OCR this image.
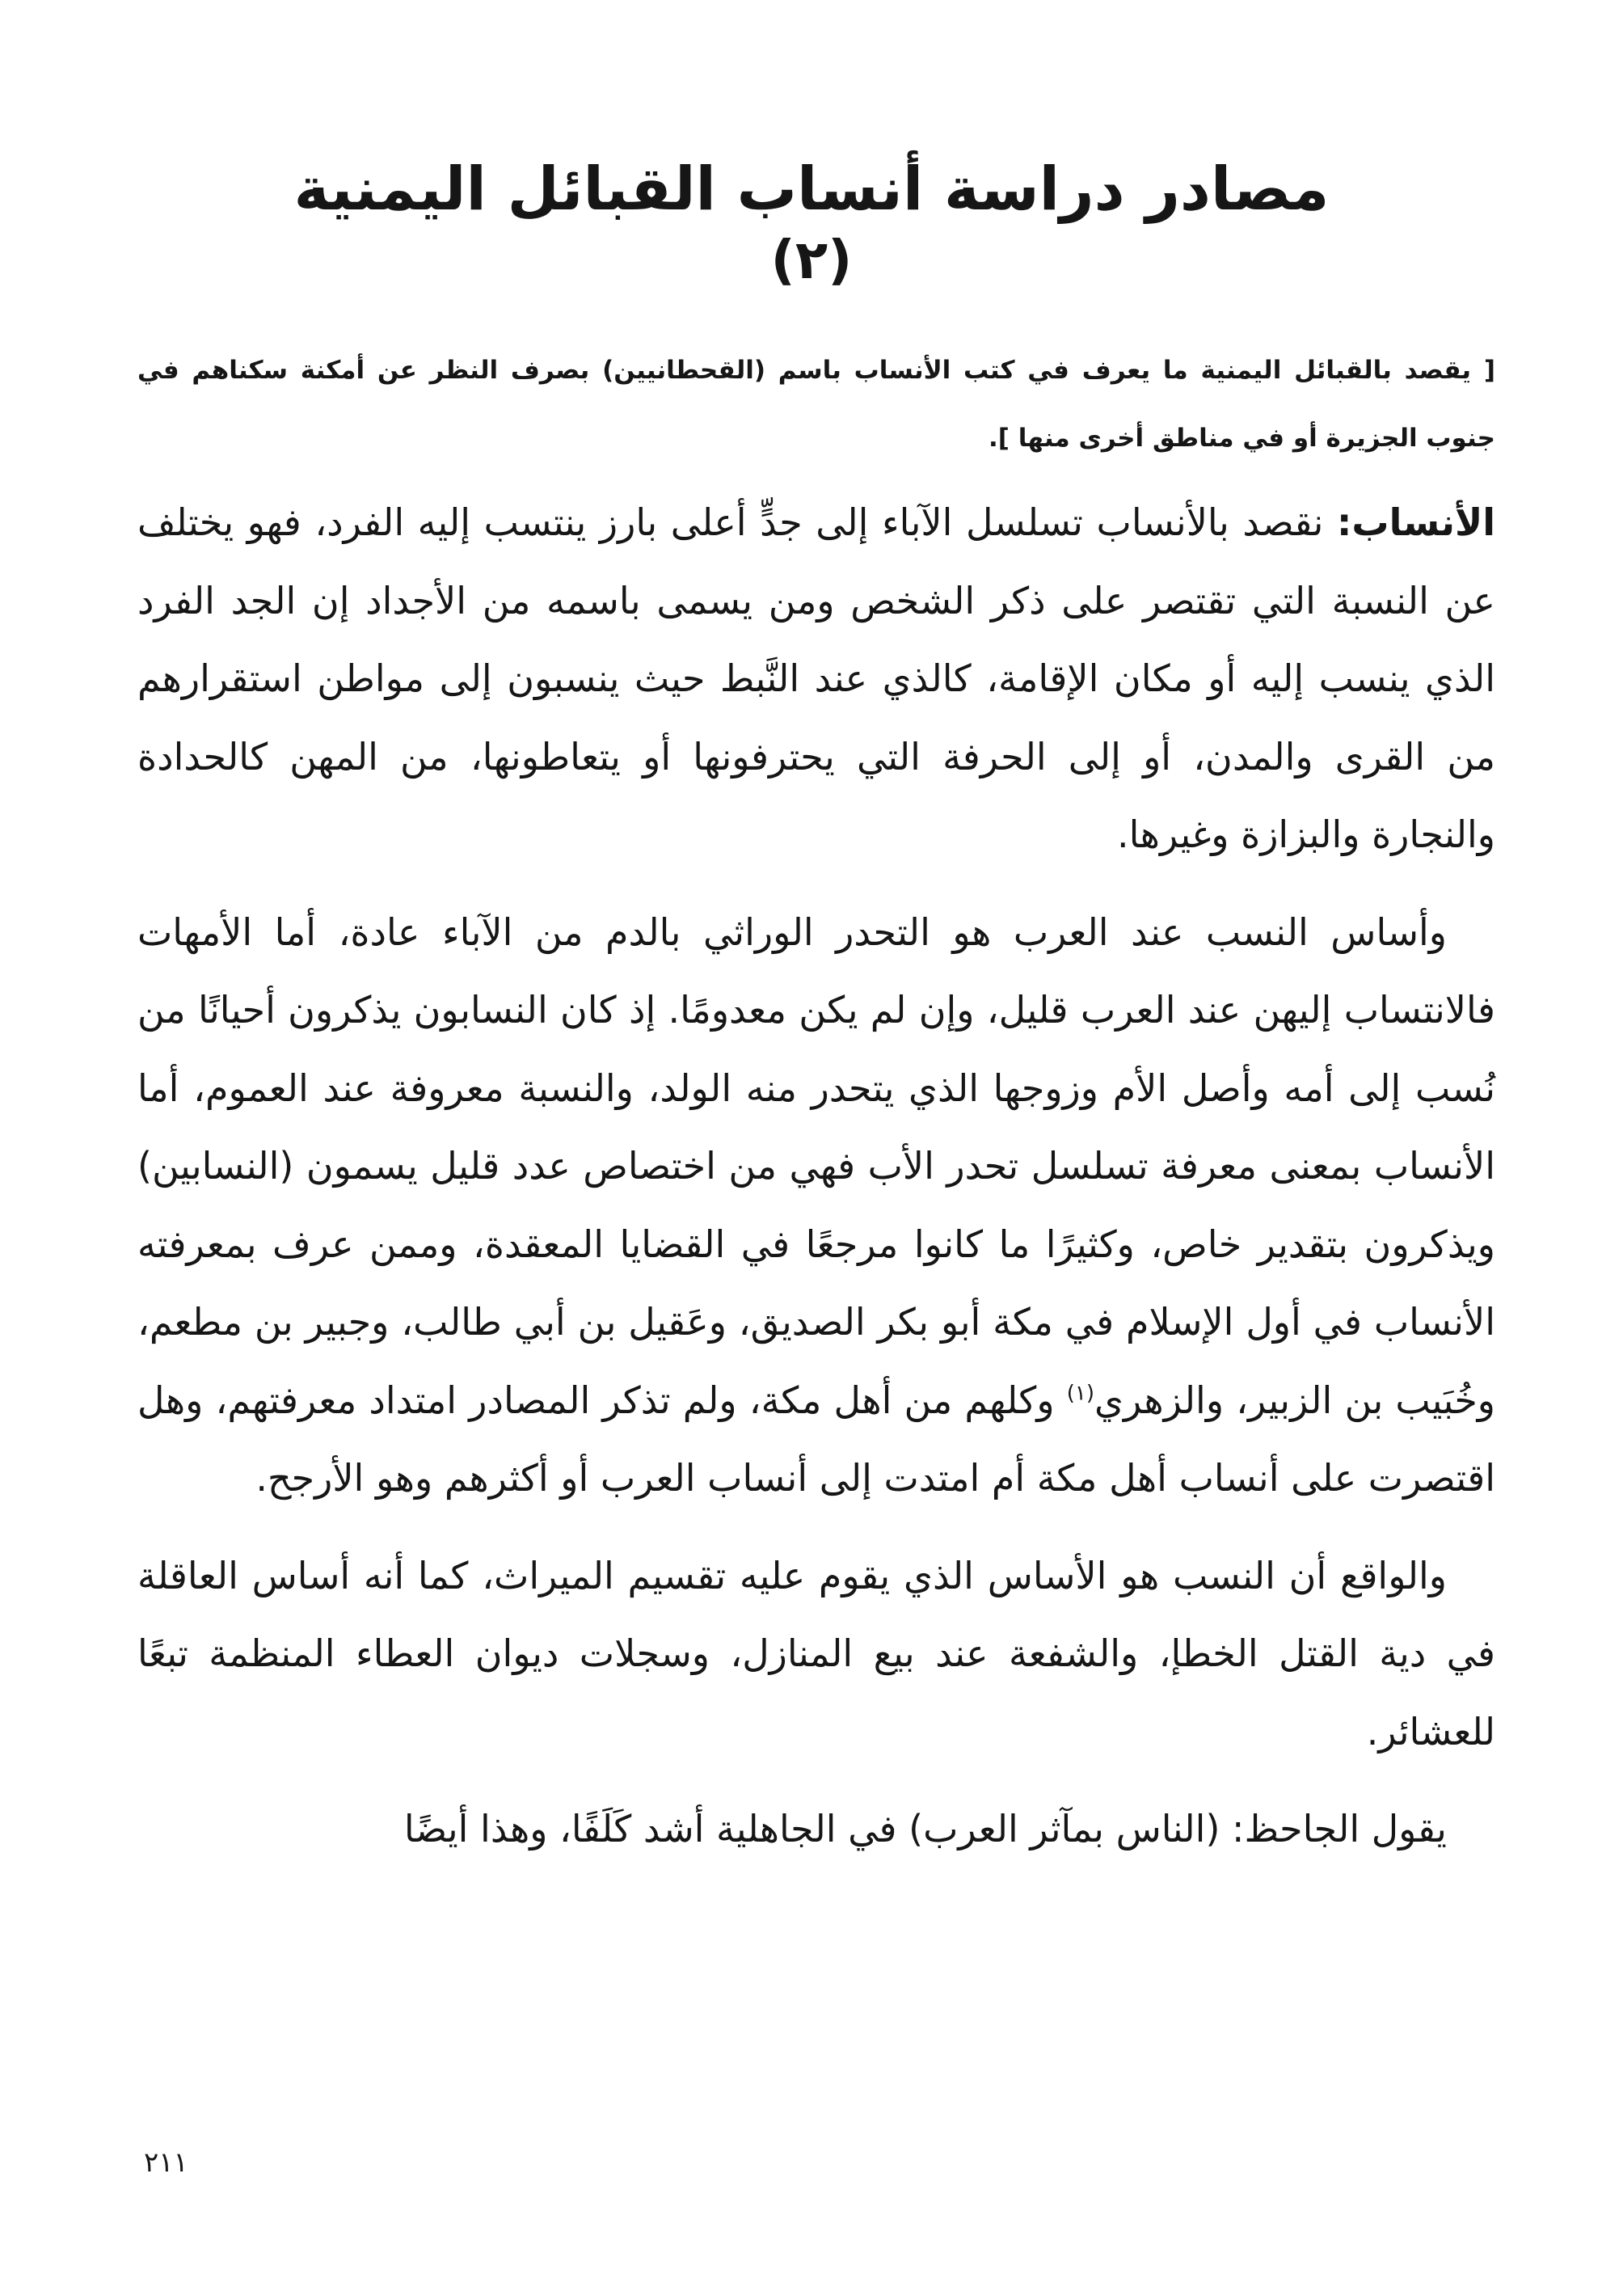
مصادر دراسة أنساب القبائل اليمنية
(٢)
[ يقصد بالقبائل اليمنية ما يعرف في كتب الأنساب باسم (القحطانيين) بصرف النظر عن أمكنة سكناهم في جنوب الجزيرة أو في مناطق أخرى منها ].

الأنساب: نقصد بالأنساب تسلسل الآباء إلى جدٍّ أعلى بارز ينتسب إليه الفرد، فهو يختلف عن النسبة التي تقتصر على ذكر الشخص ومن يسمى باسمه من الأجداد إن الجد الفرد الذي ينسب إليه أو مكان الإقامة، كالذي عند النَّبط حيث ينسبون إلى مواطن استقرارهم من القرى والمدن، أو إلى الحرفة التي يحترفونها أو يتعاطونها، من المهن كالحدادة والنجارة والبزازة وغيرها.

وأساس النسب عند العرب هو التحدر الوراثي بالدم من الآباء عادة، أما الأمهات فالانتساب إليهن عند العرب قليل، وإن لم يكن معدومًا. إذ كان النسابون يذكرون أحيانًا من نُسب إلى أمه وأصل الأم وزوجها الذي يتحدر منه الولد، والنسبة معروفة عند العموم، أما الأنساب بمعنى معرفة تسلسل تحدر الأب فهي من اختصاص عدد قليل يسمون (النسابين) ويذكرون بتقدير خاص، وكثيرًا ما كانوا مرجعًا في القضايا المعقدة، وممن عرف بمعرفته الأنساب في أول الإسلام في مكة أبو بكر الصديق، وعَقيل بن أبي طالب، وجبير بن مطعم، وخُبَيب بن الزبير، والزهري$^{(١)}$ وكلهم من أهل مكة، ولم تذكر المصادر امتداد معرفتهم، وهل اقتصرت على أنساب أهل مكة أم امتدت إلى أنساب العرب أو أكثرهم وهو الأرجح.

والواقع أن النسب هو الأساس الذي يقوم عليه تقسيم الميراث، كما أنه أساس العاقلة في دية القتل الخطإ، والشفعة عند بيع المنازل، وسجلات ديوان العطاء المنظمة تبعًا للعشائر.

يقول الجاحظ: (الناس بمآثر العرب) في الجاهلية أشد كَلَفًا، وهذا أيضًا

٢١١
